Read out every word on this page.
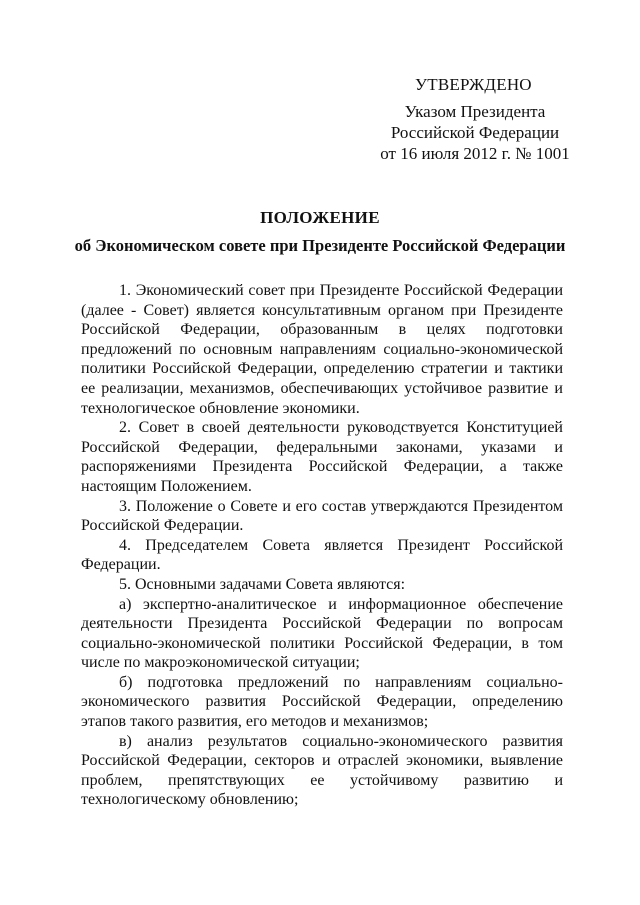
УТВЕРЖДЕНО
Указом Президента
Российской Федерации
от 16 июля 2012 г. № 1001
ПОЛОЖЕНИЕ
об Экономическом совете при Президенте Российской Федерации

1. Экономический совет при Президенте Российской Федерации (далее - Совет) является консультативным органом при Президенте Российской Федерации, образованным в целях подготовки предложений по основным направлениям социально-экономической политики Российской Федерации, определению стратегии и тактики ее реализации, механизмов, обеспечивающих устойчивое развитие и технологическое обновление экономики.

2. Совет в своей деятельности руководствуется Конституцией Российской Федерации, федеральными законами, указами и распоряжениями Президента Российской Федерации, а также настоящим Положением.

3. Положение о Совете и его состав утверждаются Президентом Российской Федерации.

4. Председателем Совета является Президент Российской Федерации.

5. Основными задачами Совета являются:

а) экспертно-аналитическое и информационное обеспечение деятельности Президента Российской Федерации по вопросам социально-экономической политики Российской Федерации, в том числе по макроэкономической ситуации;

б) подготовка предложений по направлениям социально-экономического развития Российской Федерации, определению этапов такого развития, его методов и механизмов;

в) анализ результатов социально-экономического развития Российской Федерации, секторов и отраслей экономики, выявление проблем, препятствующих ее устойчивому развитию и технологическому обновлению;
